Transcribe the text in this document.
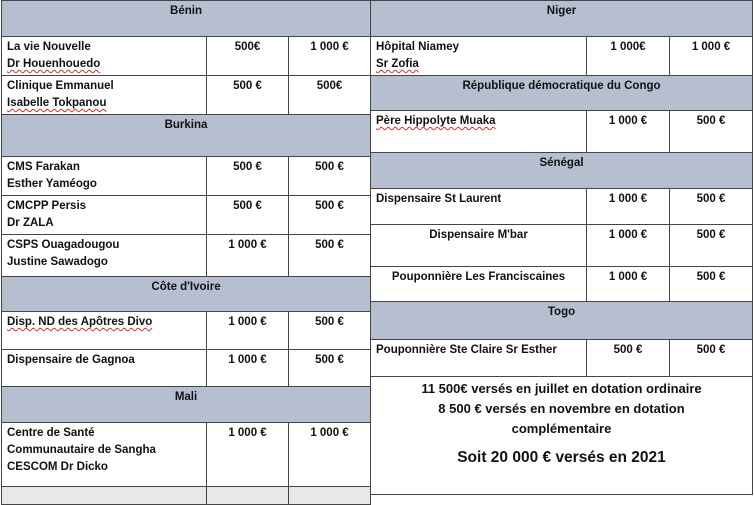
Bénin		

La vie Nouvelle
Dr Houenhouedo	500€	1 000 €

Clinique Emmanuel
Isabelle Tokpanou	500 €	500€
Burkina		

CMS Farakan
Esther Yaméogo	500 €	500 €

CMCPP Persis
Dr ZALA	500 €	500 €

CSPS Ouagadougou
Justine Sawadogo	1 000 €	500 €
Côte d'Ivoire		
Disp. ND des Apôtres Divo	1 000 €	500 €

Dispensaire de Gagnoa	1 000 €	500 €
Mali		

Centre de Santé
Communautaire de Sangha
CESCOM Dr Dicko	1 000 €	1 000 €

Niger		

Hôpital Niamey
Sr Zofia	1 000€	1 000 €
République démocratique du Congo		

Père Hippolyte Muaka	1 000 €	500 €
Sénégal		

Dispensaire St Laurent	1 000 €	500 €

Dispensaire M'bar	1 000 €	500 €

Pouponnière Les Franciscaines	1 000 €	500 €
Togo		

Pouponnière Ste Claire Sr Esther	500 €	500 €

11 500€ versés en juillet en dotation ordinaire
8 500 € versés en novembre en dotation
complémentaire
Soit 20 000 € versés en 2021		
